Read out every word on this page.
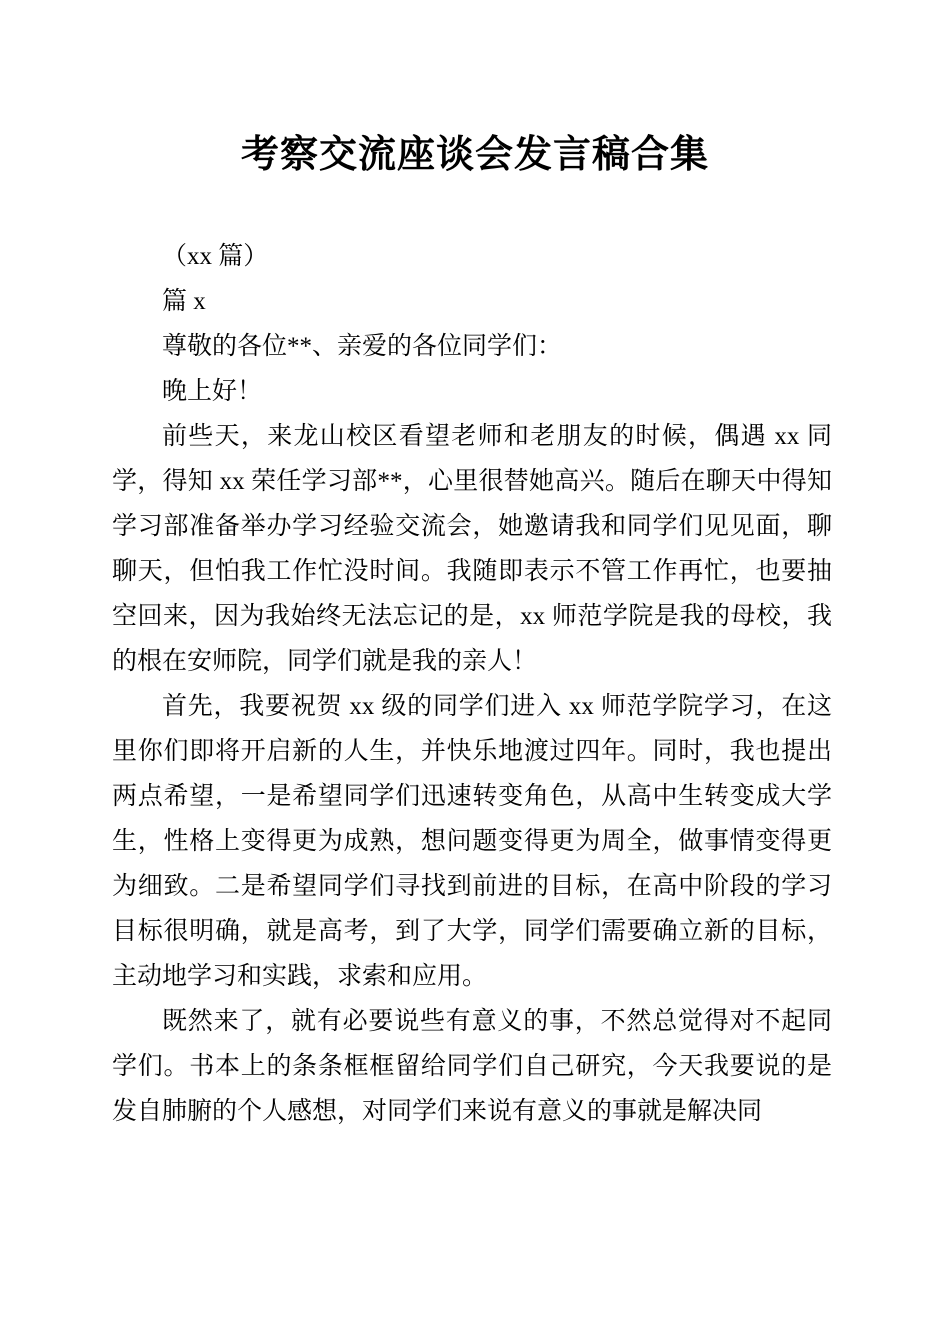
考察交流座谈会发言稿合集

（xx 篇）

篇 x

尊敬的各位**、亲爱的各位同学们：

晚上好！

前些天，来龙山校区看望老师和老朋友的时候，偶遇 xx 同学，得知 xx 荣任学习部**，心里很替她高兴。随后在聊天中得知学习部准备举办学习经验交流会，她邀请我和同学们见见面，聊聊天，但怕我工作忙没时间。我随即表示不管工作再忙，也要抽空回来，因为我始终无法忘记的是，xx 师范学院是我的母校，我的根在安师院，同学们就是我的亲人！

首先，我要祝贺 xx 级的同学们进入 xx 师范学院学习，在这里你们即将开启新的人生，并快乐地渡过四年。同时，我也提出两点希望，一是希望同学们迅速转变角色，从高中生转变成大学生，性格上变得更为成熟，想问题变得更为周全，做事情变得更为细致。二是希望同学们寻找到前进的目标，在高中阶段的学习目标很明确，就是高考，到了大学，同学们需要确立新的目标，主动地学习和实践，求索和应用。

既然来了，就有必要说些有意义的事，不然总觉得对不起同学们。书本上的条条框框留给同学们自己研究，今天我要说的是发自肺腑的个人感想，对同学们来说有意义的事就是解决同
